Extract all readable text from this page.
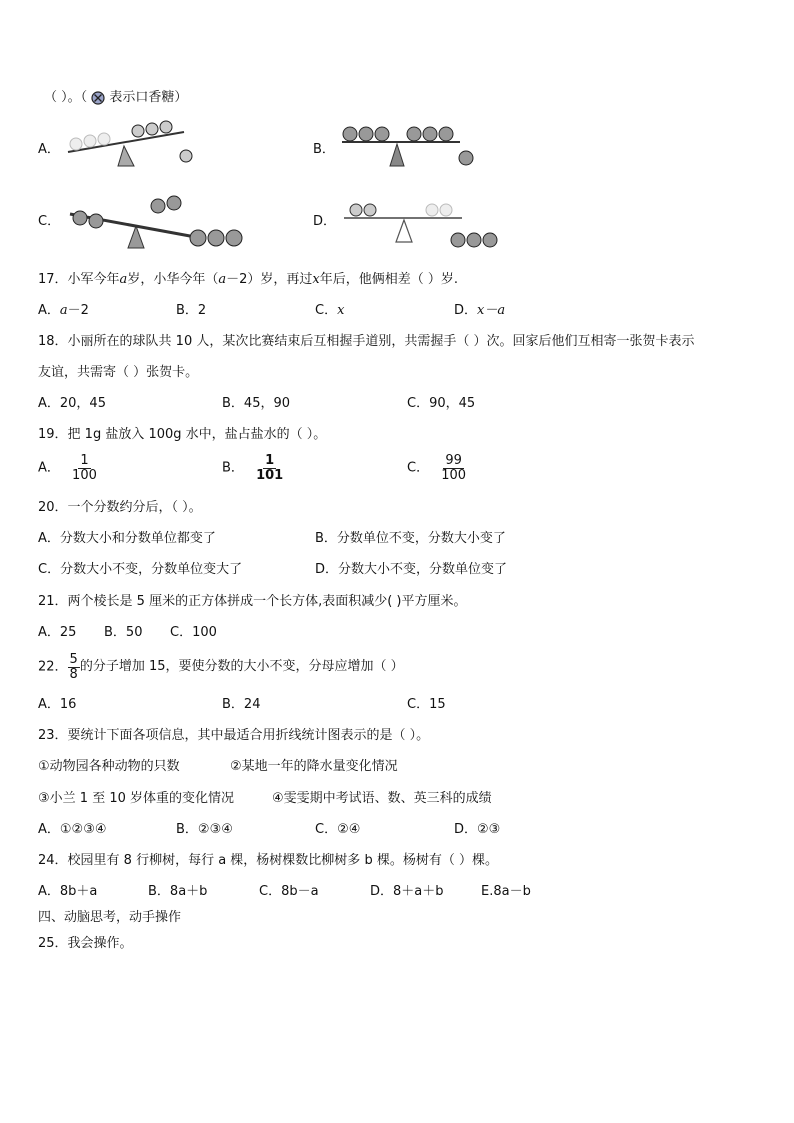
（ ）。（ 表示口香糖）
A．	B．
C．	D．
17．小军今年a岁，小华今年（a－2）岁，再过x年后，他俩相差（ ）岁.
A．a－2	B．2	C．x	D．x－a
18．小丽所在的球队共 10 人，某次比赛结束后互相握手道别，共需握手（ ）次。回家后他们互相寄一张贺卡表示
友谊，共需寄（ ）张贺卡。
A．20，45	B．45，90	C．90，45
19．把 1g 盐放入 100g 水中，盐占盐水的（ ）。
A． $\frac{1}{100}$	B． $\frac{1}{101}$	C． $\frac{99}{100}$
20．一个分数约分后，（ ）。
A．分数大小和分数单位都变了	B．分数单位不变，分数大小变了
C．分数大小不变，分数单位变大了	D．分数大小不变，分数单位变了
21．两个棱长是 5 厘米的正方体拼成一个长方体,表面积减少( )平方厘米。
A．25 B．50 C．100
22． $\frac{5}{8}$ 的分子增加 15，要使分数的大小不变，分母应增加（ ）
A．16	B．24	C．15
23．要统计下面各项信息，其中最适合用折线统计图表示的是（ ）。
①动物园各种动物的只数	②某地一年的降水量变化情况
③小兰 1 至 10 岁体重的变化情况	④雯雯期中考试语、数、英三科的成绩
A．①②③④	B．②③④	C．②④	D．②③
24．校园里有 8 行柳树，每行 a 棵，杨树棵数比柳树多 b 棵。杨树有（ ）棵。
A．8b＋a	B．8a＋b	C．8b－a	D．8＋a＋b	E.8a－b
四、动脑思考，动手操作
25．我会操作。
